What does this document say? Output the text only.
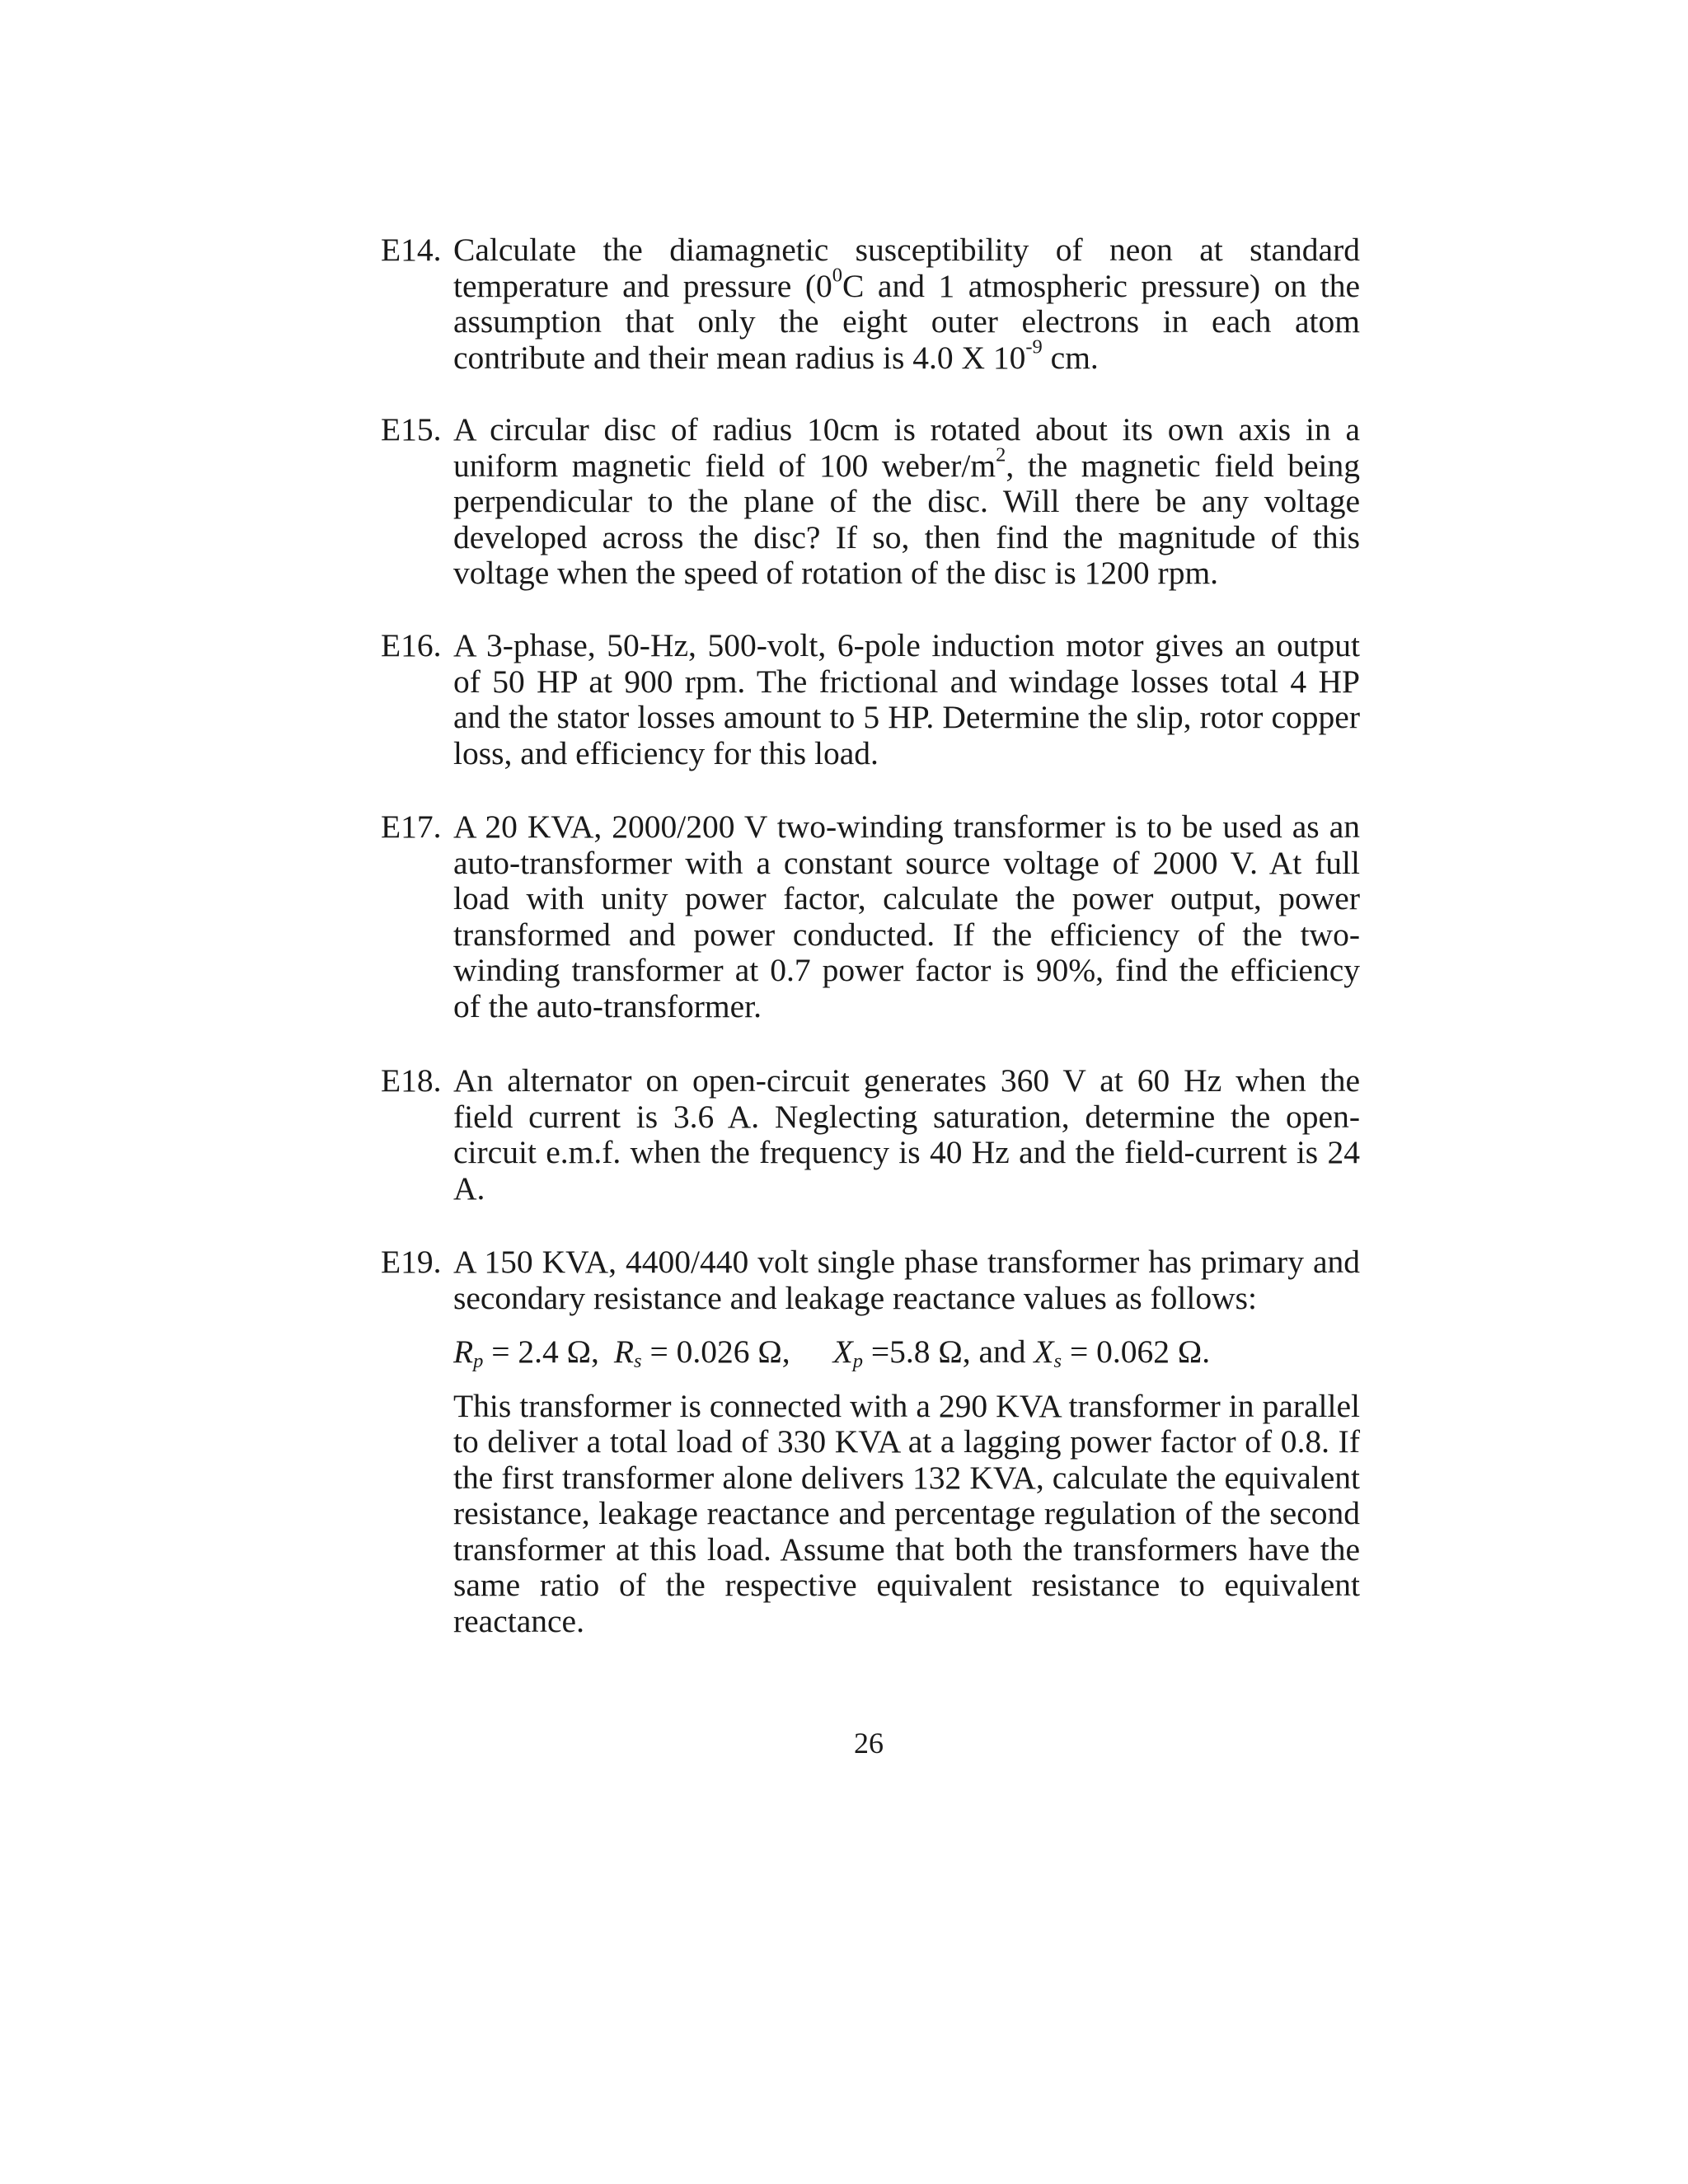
E14. Calculate the diamagnetic susceptibility of neon at standard temperature and pressure ($0^0C$ and 1 atmospheric pressure) on the assumption that only the eight outer electrons in each atom contribute and their mean radius is 4.0 X $10^{-9}$ cm.

E15. A circular disc of radius 10cm is rotated about its own axis in a uniform magnetic field of 100 weber/$m^2$, the magnetic field being perpendicular to the plane of the disc. Will there be any voltage developed across the disc? If so, then find the magnitude of this voltage when the speed of rotation of the disc is 1200 rpm.

E16. A 3-phase, 50-Hz, 500-volt, 6-pole induction motor gives an output of 50 HP at 900 rpm. The frictional and windage losses total 4 HP and the stator losses amount to 5 HP. Determine the slip, rotor copper loss, and efficiency for this load.

E17. A 20 KVA, 2000/200 V two-winding transformer is to be used as an auto-transformer with a constant source voltage of 2000 V. At full load with unity power factor, calculate the power output, power transformed and power conducted. If the efficiency of the two-winding transformer at 0.7 power factor is 90%, find the efficiency of the auto-transformer.

E18. An alternator on open-circuit generates 360 V at 60 Hz when the field current is 3.6 A. Neglecting saturation, determine the open-circuit e.m.f. when the frequency is 40 Hz and the field-current is 24 A.

E19. A 150 KVA, 4400/440 volt single phase transformer has primary and secondary resistance and leakage reactance values as follows:

$R_p = 2.4$ Ω, $R_s = 0.026$ Ω, $X_p =5.8$ Ω, and $X_s = 0.062$ Ω.

This transformer is connected with a 290 KVA transformer in parallel to deliver a total load of 330 KVA at a lagging power factor of 0.8. If the first transformer alone delivers 132 KVA, calculate the equivalent resistance, leakage reactance and percentage regulation of the second transformer at this load. Assume that both the transformers have the same ratio of the respective equivalent resistance to equivalent reactance.

26
